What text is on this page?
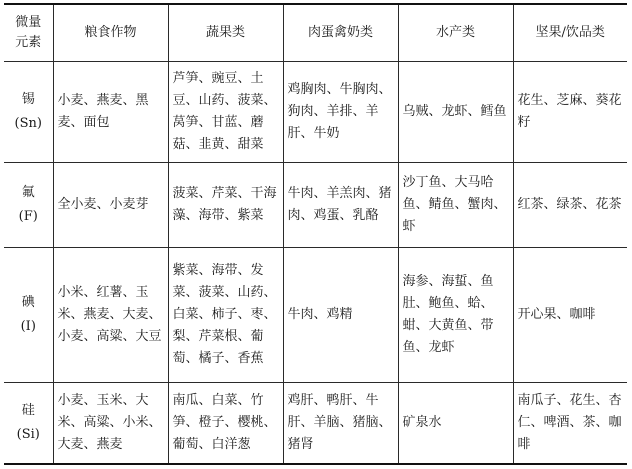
微量
元素	粮食作物	蔬果类	肉蛋禽奶类	水产类	坚果/饮品类
锡
(Sn)	小麦、燕麦、黑麦、面包	芦笋、豌豆、土豆、山药、菠菜、莴笋、甘蓝、蘑菇、韭黄、甜菜	鸡胸肉、牛胸肉、狗肉、羊排、羊肝、牛奶	乌贼、龙虾、鳕鱼	花生、芝麻、葵花籽
氟
(F)	全小麦、小麦芽	菠菜、芹菜、干海藻、海带、紫菜	牛肉、羊羔肉、猪肉、鸡蛋、乳酪	沙丁鱼、大马哈鱼、鲭鱼、蟹肉、虾	红茶、绿茶、花茶
碘
(I)	小米、红薯、玉米、燕麦、大麦、小麦、高粱、大豆	紫菜、海带、发菜、菠菜、山药、白菜、柿子、枣、梨、芹菜根、葡萄、橘子、香蕉	牛肉、鸡精	海参、海蜇、鱼肚、鲍鱼、蛤、蚶、大黄鱼、带鱼、龙虾	开心果、咖啡
硅
(Si)	小麦、玉米、大米、高粱、小米、大麦、燕麦	南瓜、白菜、竹笋、橙子、樱桃、葡萄、白洋葱	鸡肝、鸭肝、牛肝、羊脑、猪脑、猪肾	矿泉水	南瓜子、花生、杏仁、啤酒、茶、咖啡
